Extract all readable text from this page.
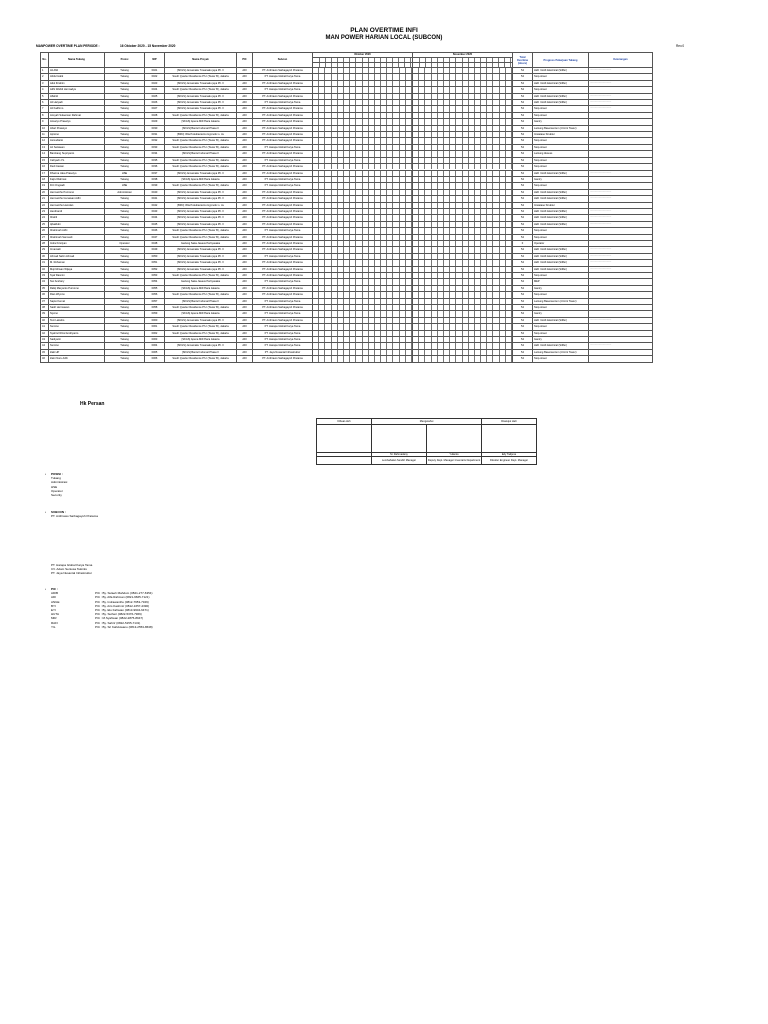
PLAN OVERTIME INFI
MAN POWER HARIAN LOCAL (SUBCON)
MANPOWER OVERTIME PLAN PERIODE :	16 Oktober 2020 - 15 November 2020	Rev.0
No.	Nama Tukang	Posisi	NIP	Nama Proyek	PIC	Subcon	Oktober 2020	November 2020	Total Overtime (Hours)	Progress Pekerjaan Tukang	Keterangan

1	Ali Afdi	Tukang	0021	[SKGS] Jemamaku Tuwanaku jaya Ph. II	ADI	PT. Anthrawo Sarbagayuh Pratama			54	LED I HAK Electrical (Stiffer)	................................................
2	Abdul Halik	Tukang	0022	South Quarter Residence Ph.I (Tower B), Jakarta	ADI	PT. Harapa Global Karya Tama			54	Stop-street	
3	Adul Ibrahim	Tukang	0023	[SKGS] Jemamaku Tuwanaku jaya Ph. II	ADI	PT. Anthrawo Sarbagayuh Pratama			54	LED I HAK Electrical (Stiffer)	................................................
4	Adhi Wahid Hermadya	Tukang	0024	South Quarter Residence Ph.I (Tower B), Jakarta	ADI	PT. Harapa Global Karya Tama			54	Stop-street	
5	Alfahdi	Tukang	0025	[SKGS] Jemamaku Tuwanaku jaya Ph. II	ADI	PT. Anthrawo Sarbagayuh Pratama			54	LED I HAK Electrical (Stiffer)	................................................
6	Ali Haryadi	Tukang	0026	[SKGS] Jemamaku Tuwanaku jaya Ph. II	ADI	PT. Harapa Global Karya Tama			54	LED I HAK Electrical (Stiffer)	................................................
7	Ali Kadhmo	Tukang	0027	[SKGS] Jemamaku Tuwanaku jaya Ph. II	ADI	PT. Anthrawo Sarbagayuh Pratama			54	Stop-street	................................................
8	Ansyah Sulaeman Rahmat	Tukang	0028	South Quarter Residence Ph.I (Tower B), Jakarta	ADI	PT. Anthrawo Sarbagayuh Pratama			54	Stop-street	
9	Ansaryo Prasetyo	Tukang	0029	[SKGS] Apena Mill Plaza Jakarta	ADI	PT. Anthrawo Sarbagayuh Pratama			54	Gantry	
10	Ahari Prasetyo	Tukang	0030	[SKGS] Bantul Indomal Phase II	ADI	PT. Anthrawo Sarbagayuh Pratama			54	Lantung Basementum (Unit & Tower)	
11	Apriono	Tukang	0031	[BRC] Villa Pukubanterno Hypnotic s. Ja	ADI	PT. Anthrawo Sarbagayuh Pratama			54	Inisiatase Struktur	
12	Asmudiarto	Tukang	0032	South Quarter Residence Ph.I (Tower B), Jakarta	ADI	PT. Anthrawo Sarbagayuh Pratama			54	Stop-street	
13	Ari Setiawan	Tukang	0033	South Quarter Residence Ph.I (Tower B), Jakarta	ADI	PT. Harapa Global Karya Tama			54	Stop-street	
14	Bambang Supriyanto	Tukang	0034	[SKGS] Bantul Indomal Phase II	ADI	PT. Anthrawo Sarbagayuh Pratama			54	Lantung Aksess	
15	Cahyadi J.S.	Tukang	0035	South Quarter Residence Ph.I (Tower B), Jakarta	ADI	PT. Harapa Global Karya Tama			54	Stop-street	
16	Dedi Irawan	Tukang	0036	South Quarter Residence Ph.I (Tower B), Jakarta	ADI	PT. Anthrawo Sarbagayuh Pratama			54	Stop-street	
17	Dharma Jaka Prasetyo	HSE	0037	[SKGS] Jemamaku Tuwanaku jaya Ph. II	ADI	PT. Anthrawo Sarbagayuh Pratama			54	LED I HAK Electrical (Stiffer)	................................................
18	Fajrul Rahmat	Tukang	0038	[SKGS] Apena Mill Plaza Jakarta	ADI	PT. Harapa Global Karya Tama			54	Gantry	
19	Fitri Ongsadi	HSE	0039	South Quarter Residence Ph.I (Tower B), Jakarta	ADI	PT. Harapa Global Karya Tama			54	Stop-street	
20	Hermanthu Purnomo	Administrasi	0040	[SKGS] Jemamaku Tuwanaku jaya Ph. II	ADI	PT. Anthrawo Sarbagayuh Pratama			54	LED I HAK Electrical (Stiffer)	................................................
21	Hermanthu Gunawan Adhi	Tukang	0041	[SKGS] Jemamaku Tuwanaku jaya Ph. II	ADI	PT. Anthrawo Sarbagayuh Pratama			54	LED I HAK Electrical (Stiffer)	................................................
22	Hermanthu Hamdan	Tukang	0042	[BRC] Villa Pukubanterno Hypnotic s. Ja	ADI	PT. Anthrawo Sarbagayuh Pratama			54	Inisiatase Struktur	
23	Hendrandi	Tukang	0043	[SKGS] Jemamaku Tuwanaku jaya Ph. II	ADI	PT. Anthrawo Sarbagayuh Pratama			54	LED I HAK Electrical (Stiffer)	................................................
24	Ibrahil	Tukang	0044	[SKGS] Jemamaku Tuwanaku jaya Ph. II	ADI	PT. Anthrawo Sarbagayuh Pratama			54	LED I HAK Electrical (Stiffer)	................................................
25	Iqbaldubi	Tukang	0045	[SKGS] Jemamaku Tuwanaku jaya Ph. II	ADI	PT. Anthrawo Sarbagayuh Pratama			54	LED I HAK Electrical (Stiffer)	................................................
26	Ibrahimah Adhi	Tukang	0046	South Quarter Residence Ph.I (Tower B), Jakarta	ADI	PT. Harapa Global Karya Tama			54	Stop-street	
27	Ibrahimah Samsudi	Tukang	0047	South Quarter Residence Ph.I (Tower B), Jakarta	ADI	PT. Anthrawo Sarbagayuh Pratama			54	Stop-street	
28	Indra Kristiyan	Operator	0048	Gedung Saka Jasaus Pertiyasaka	ADI	PT. Anthrawo Sarbagayuh Pratama			0	Operator	
29	Irmansah	Tukang	0049	[SKGS] Jemamaku Tuwanaku jaya Ph. II	ADI	PT. Anthrawo Sarbagayuh Pratama			54	LED I HAK Electrical (Stiffer)	................................................
30	Ahmad Salim Ahmad	Tukang	0050	[SKGS] Jemamaku Tuwanaku jaya Ph. II	ADI	PT. Harapa Global Karya Tama			54	LED I HAK Electrical (Stiffer)	................................................
31	M. Rohaman	Tukang	0051	[SKGS] Jemamaku Tuwanaku jaya Ph. II	ADI	PT. Anthrawo Sarbagayuh Pratama			54	LED I HAK Electrical (Stiffer)	................................................
32	Muji Ikhwan Wijaya	Tukang	0052	[SKGS] Jemamaku Tuwanaku jaya Ph. II	ADI	PT. Anthrawo Sarbagayuh Pratama			54	LED I HAK Electrical (Stiffer)	................................................
33	Syaf Rasmin	Tukang	0053	South Quarter Residence Ph.I (Tower B), Jakarta	ADI	PT. Anthrawo Sarbagayuh Pratama			54	Stop-street	
34	Nur Anshary	Tukang	0054	Gedung Saka Jasaus Pertiyasaka	ADI	PT. Harapa Global Karya Tama			54	MEP	
35	Rafiq Maryanto Purnomo	Tukang	0055	[SKGS] Apena Mill Plaza Jakarta	ADI	PT. Anthrawo Sarbagayuh Pratama			54	Gantry	
36	Rian Wiyono	Tukang	0056	South Quarter Residence Ph.I (Tower B), Jakarta	ADI	PT. Anthrawo Sarbagayuh Pratama			54	Stop-street	
37	Sapto Kemal	Tukang	0057	[SKGS] Bantul Indomal Phase II	ADI	PT. Harapa Global Karya Tama			54	Lantung Basementum (Unit & Tower)	
38	Sadri Hermawan	Tukang	0058	South Quarter Residence Ph.I (Tower B), Jakarta	ADI	PT. Anthrawo Sarbagayuh Pratama			54	Stop-street	
39	Siyono	Tukang	0059	[SKGS] Apena Mill Plaza Jakarta	ADI	PT. Harapa Global Karya Tama			54	Gantry	
40	Teni Laksitio	Tukang	0060	[SKGS] Jemamaku Tuwanaku jaya Ph. II	ADI	PT. Anthrawo Sarbagayuh Pratama			54	LED I HAK Electrical (Stiffer)	................................................
41	Sumino	Tukang	0061	South Quarter Residence Ph.I (Tower B), Jakarta	ADI	PT. Harapa Global Karya Tama			54	Stop-street	
42	Syahrul Rizal Andriyanto	Tukang	0062	South Quarter Residence Ph.I (Tower B), Jakarta	ADI	PT. Harapa Global Karya Tama			54	Stop-street	
43	Sadiyanti	Tukang	0063	[SKGS] Apena Mill Plaza Jakarta	ADI	PT. Harapa Global Karya Tama			54	Gantry	
44	Sumino	Tukang	0064	[SKGS] Jemamaku Tuwanaku jaya Ph. II	ADI	PT. Harapa Global Karya Tama			54	LED I HAK Electrical (Stiffer)	................................................
45	Zaki HP	Tukang	0065	[SKGS] Bantul Indomal Phase II	ADI	PT. Jaya Nusantal Infrastruktur			54	Lantung Basementum (Unit & Tower)	
46	Zaini Nuru Adhi	Tukang	0066	South Quarter Residence Ph.I (Tower B), Jakarta	ADI	PT. Anthrawo Sarbagayuh Pratama			54	Stop-street	
Hk Persan
Dibuat oleh	Mengetahui		Disetujui oleh

	M. Rahmadany	Yulianto	Edy Tadjuna
	Lembahalan Sendiri Manager	Deputy Dept. Manager Inventaris Department	Direktur Engineer Dept. Manager
• POSISI :
Tukang
Administrasi
HSE
Operator
Security
• SUBCON :
PT. Anthrawo Sarbagayuh Pratama
PT. Harapa Global Karya Tama
CV. Adam Sentosa Tekniks
PT. Jaya Nusantal Infrastruktur
• PIC :
ADIB	PIC : By. Sulaeh Mahdum (0821-277-6354)
ADI	PIC : By. Alfa Rahman (0821-9665-7121)
ANGE	PIC : By. Indrawanthu (0812-7953-7329)
BYI	PIC : By. Aris Kashmir (0812-1657-2390)
EYI	PIC : By. Elu Fahwian (0813-9904-6471)
HUTA	PIC : By. Sutheri (0822-5376-7969)
MIR	PIC : M.Syahwan (0822-2875-8947)
RAFI	PIC : By. Sahrir (0822-5155-7131)
YIL	PIC : By. Sri Kahduwano (0813-2553-8638)
